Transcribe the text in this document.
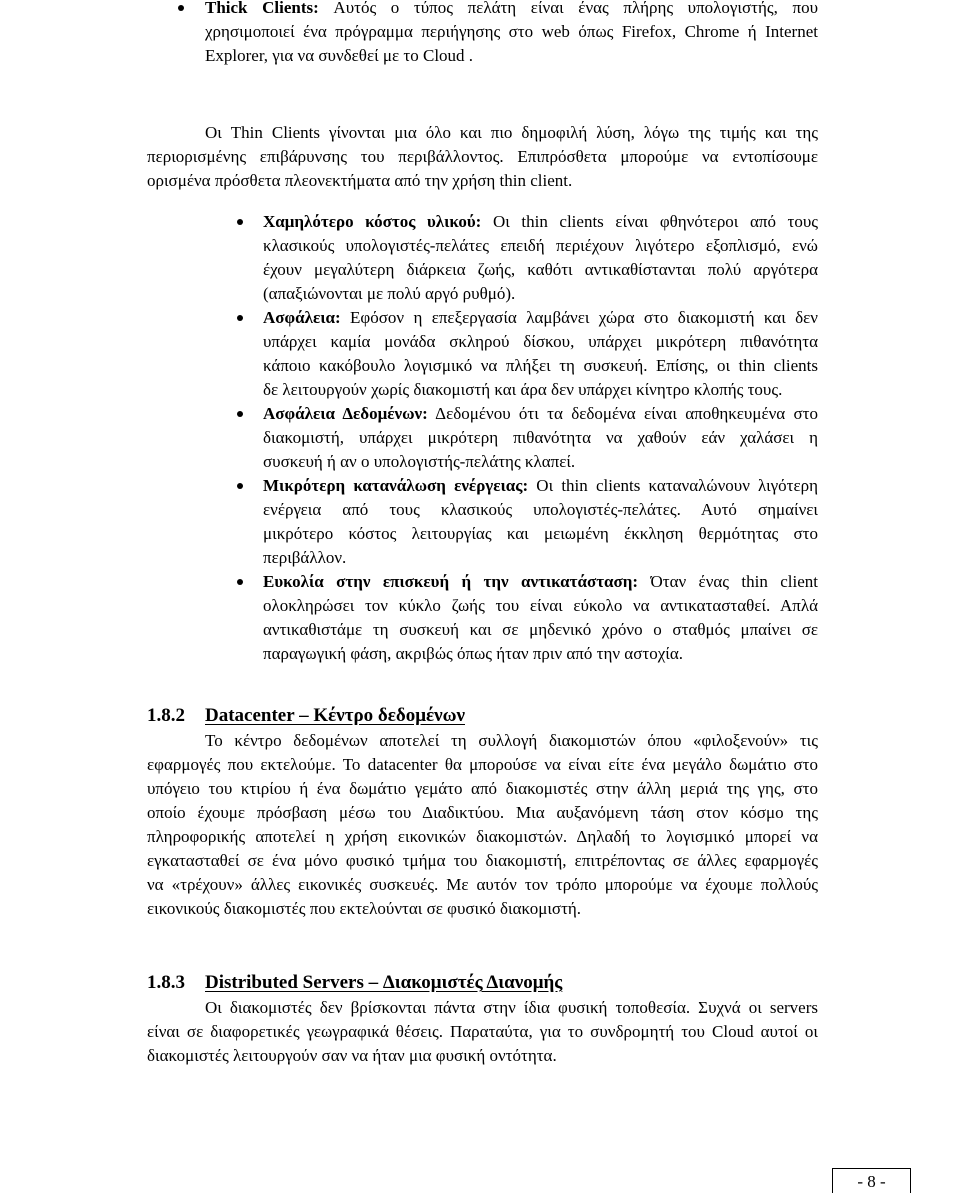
Thick Clients: Αυτός ο τύπος πελάτη είναι ένας πλήρης υπολογιστής, που
χρησιμοποιεί ένα πρόγραμμα περιήγησης στο web όπως Firefox, Chrome ή Internet
Explorer, για να συνδεθεί με το Cloud .
Οι Thin Clients γίνονται μια όλο και πιο δημοφιλή λύση, λόγω της τιμής και της
περιορισμένης επιβάρυνσης του περιβάλλοντος. Επιπρόσθετα μπορούμε να εντοπίσουμε
ορισμένα πρόσθετα πλεονεκτήματα από την χρήση thin client.
Χαμηλότερο κόστος υλικού: Οι thin clients είναι φθηνότεροι από τους
κλασικούς υπολογιστές-πελάτες επειδή περιέχουν λιγότερο εξοπλισμό, ενώ
έχουν μεγαλύτερη διάρκεια ζωής, καθότι αντικαθίστανται πολύ αργότερα
(απαξιώνονται με πολύ αργό ρυθμό).
Ασφάλεια: Εφόσον η επεξεργασία λαμβάνει χώρα στο διακομιστή και δεν
υπάρχει καμία μονάδα σκληρού δίσκου, υπάρχει μικρότερη πιθανότητα
κάποιο κακόβουλο λογισμικό να πλήξει τη συσκευή. Επίσης, οι thin clients
δε λειτουργούν χωρίς διακομιστή και άρα δεν υπάρχει κίνητρο κλοπής τους.
Ασφάλεια Δεδομένων: Δεδομένου ότι τα δεδομένα είναι αποθηκευμένα στο
διακομιστή, υπάρχει μικρότερη πιθανότητα να χαθούν εάν χαλάσει η
συσκευή ή αν ο υπολογιστής-πελάτης κλαπεί.
Μικρότερη κατανάλωση ενέργειας: Οι thin clients καταναλώνουν λιγότερη
ενέργεια από τους κλασικούς υπολογιστές-πελάτες. Αυτό σημαίνει
μικρότερο κόστος λειτουργίας και μειωμένη έκκληση θερμότητας στο
περιβάλλον.
Ευκολία στην επισκευή ή την αντικατάσταση: Όταν ένας thin client
ολοκληρώσει τον κύκλο ζωής του είναι εύκολο να αντικατασταθεί. Απλά
αντικαθιστάμε τη συσκευή και σε μηδενικό χρόνο ο σταθμός μπαίνει σε
παραγωγική φάση, ακριβώς όπως ήταν πριν από την αστοχία.
1.8.2 Datacenter – Κέντρο δεδομένων
Το κέντρο δεδομένων αποτελεί τη συλλογή διακομιστών όπου «φιλοξενούν» τις
εφαρμογές που εκτελούμε. Το datacenter θα μπορούσε να είναι είτε ένα μεγάλο δωμάτιο στο
υπόγειο του κτιρίου ή ένα δωμάτιο γεμάτο από διακομιστές στην άλλη μεριά της γης, στο
οποίο έχουμε πρόσβαση μέσω του Διαδικτύου. Μια αυξανόμενη τάση στον κόσμο της
πληροφορικής αποτελεί η χρήση εικονικών διακομιστών. Δηλαδή το λογισμικό μπορεί να
εγκατασταθεί σε ένα μόνο φυσικό τμήμα του διακομιστή, επιτρέποντας σε άλλες εφαρμογές
να «τρέχουν» άλλες εικονικές συσκευές. Με αυτόν τον τρόπο μπορούμε να έχουμε πολλούς
εικονικούς διακομιστές που εκτελούνται σε φυσικό διακομιστή.
1.8.3 Distributed Servers – Διακομιστές Διανομής
Οι διακομιστές δεν βρίσκονται πάντα στην ίδια φυσική τοποθεσία. Συχνά οι servers
είναι σε διαφορετικές γεωγραφικά θέσεις. Παραταύτα, για το συνδρομητή του Cloud αυτοί οι
διακομιστές λειτουργούν σαν να ήταν μια φυσική οντότητα.
- 8 -
